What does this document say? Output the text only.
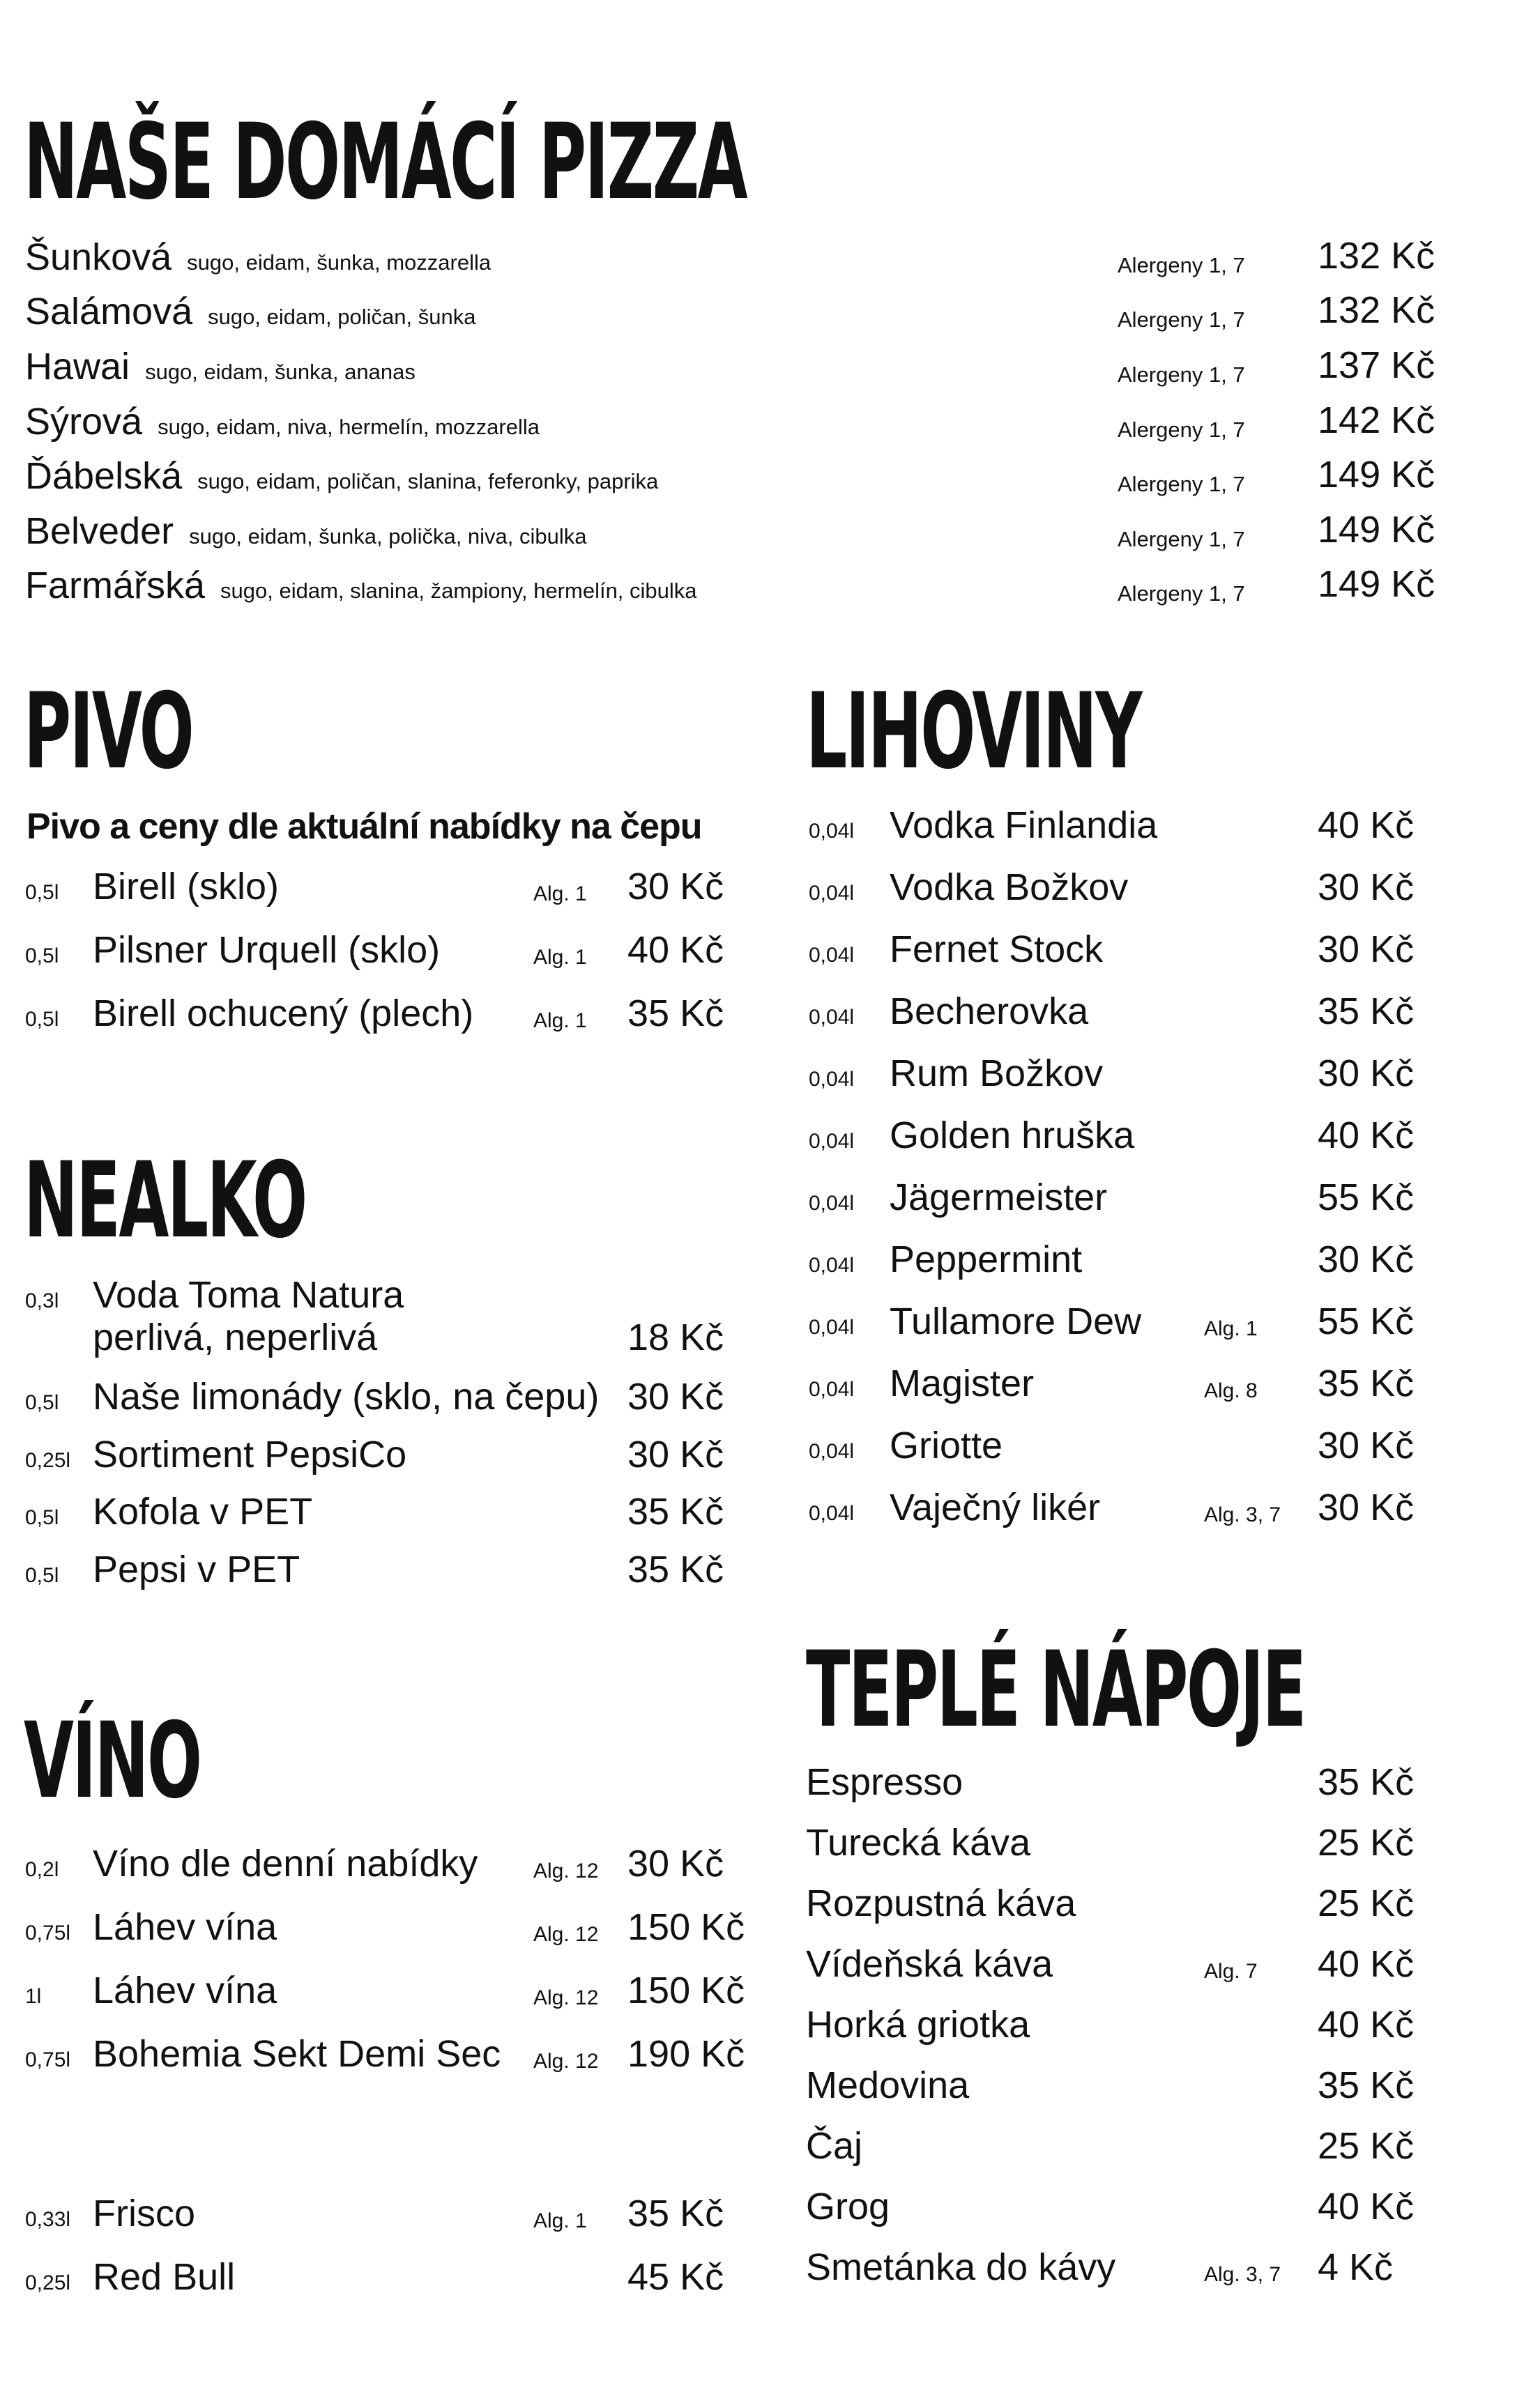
NAŠE DOMÁCÍ PIZZA
Šunková sugo, eidam, šunka, mozzarella	Alergeny 1, 7 132 Kč
Salámová sugo, eidam, poličan, šunka	Alergeny 1, 7 132 Kč
Hawai sugo, eidam, šunka, ananas	Alergeny 1, 7 137 Kč
Sýrová sugo, eidam, niva, hermelín, mozzarella	Alergeny 1, 7 142 Kč
Ďábelská sugo, eidam, poličan, slanina, feferonky, paprika	Alergeny 1, 7 149 Kč
Belveder sugo, eidam, šunka, polička, niva, cibulka	Alergeny 1, 7 149 Kč
Farmářská sugo, eidam, slanina, žampiony, hermelín, cibulka	Alergeny 1, 7 149 Kč
PIVO
Pivo a ceny dle aktuální nabídky na čepu
0,5l Birell (sklo)	Alg. 1 30 Kč
0,5l Pilsner Urquell (sklo)	Alg. 1 40 Kč
0,5l Birell ochucený (plech)	Alg. 1 35 Kč
NEALKO
0,3l Voda Toma Natura
perlivá, neperlivá	18 Kč
0,5l Naše limonády (sklo, na čepu) 30 Kč
0,25l Sortiment PepsiCo	30 Kč
0,5l Kofola v PET	35 Kč
0,5l Pepsi v PET	35 Kč
VÍNO
0,2l Víno dle denní nabídky	Alg. 12 30 Kč
0,75l Láhev vína	Alg. 12 150 Kč
1l Láhev vína	Alg. 12 150 Kč
0,75l Bohemia Sekt Demi Sec Alg. 12 190 Kč
0,33l Frisco	Alg. 1 35 Kč
0,25l Red Bull	45 Kč
LIHOVINY
0,04l Vodka Finlandia	40 Kč
0,04l Vodka Božkov	30 Kč
0,04l Fernet Stock	30 Kč
0,04l Becherovka	35 Kč
0,04l Rum Božkov	30 Kč
0,04l Golden hruška	40 Kč
0,04l Jägermeister	55 Kč
0,04l Peppermint	30 Kč
0,04l Tullamore Dew	Alg. 1 55 Kč
0,04l Magister	Alg. 8 35 Kč
0,04l Griotte	30 Kč
0,04l Vaječný likér	Alg. 3, 7 30 Kč
TEPLÉ NÁPOJE
Espresso	35 Kč
Turecká káva	25 Kč
Rozpustná káva	25 Kč
Vídeňská káva	Alg. 7 40 Kč
Horká griotka	40 Kč
Medovina	35 Kč
Čaj	25 Kč
Grog	40 Kč
Smetánka do kávy	Alg. 3, 7 4 Kč
